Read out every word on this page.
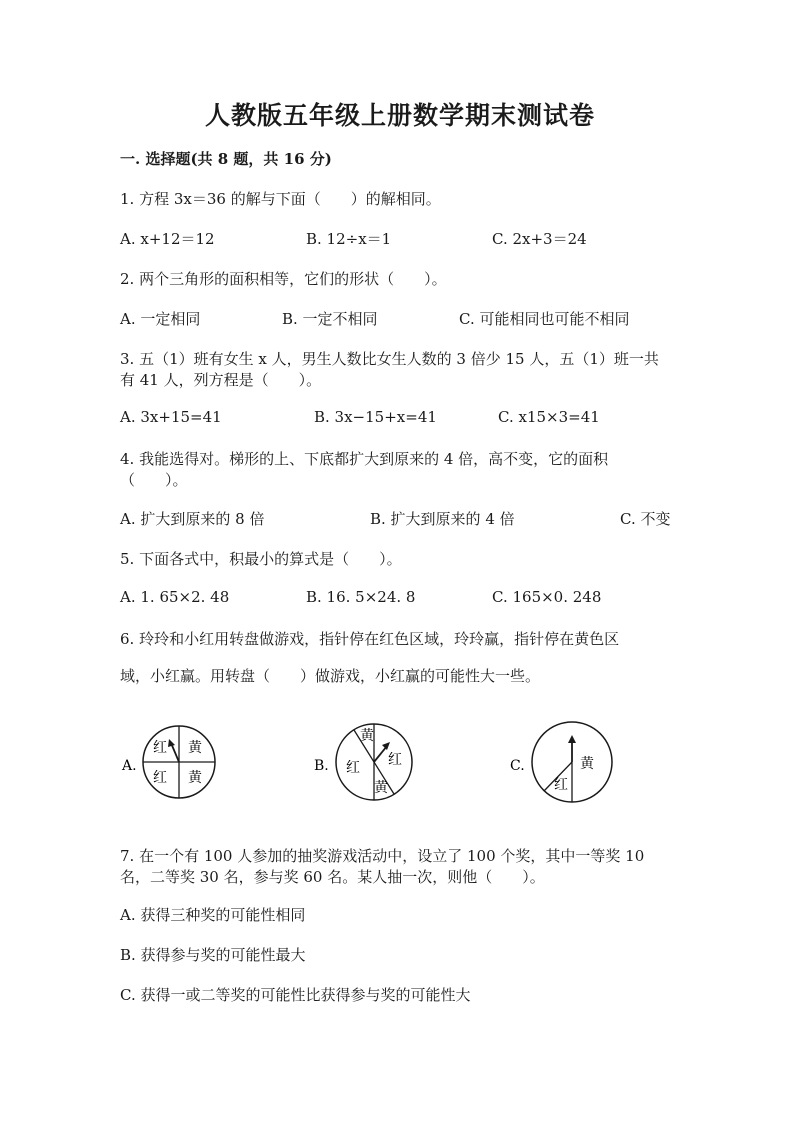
人教版五年级上册数学期末测试卷
一. 选择题(共 8 题，共 16 分)
1. 方程 3x＝36 的解与下面（　　）的解相同。
A. x+12＝12	B. 12÷x＝1	C. 2x+3＝24
2. 两个三角形的面积相等，它们的形状（　　）。
A. 一定相同	B. 一定不相同	C. 可能相同也可能不相同
3. 五（1）班有女生 x 人，男生人数比女生人数的 3 倍少 15 人，五（1）班一共
有 41 人，列方程是（　　）。
A. 3x+15=41	B. 3x−15+x=41	C. x15×3=41
4. 我能选得对。梯形的上、下底都扩大到原来的 4 倍，高不变，它的面积
（　　）。
A. 扩大到原来的 8 倍	B. 扩大到原来的 4 倍	C. 不变
5. 下面各式中，积最小的算式是（　　）。
A. 1. 65×2. 48	B. 16. 5×24. 8	C. 165×0. 248
6. 玲玲和小红用转盘做游戏，指针停在红色区域，玲玲赢，指针停在黄色区
域，小红赢。用转盘（　　）做游戏，小红赢的可能性大一些。
A.
红 黄
红 黄
B.
黄
红 红
黄
C.	黄
红
7. 在一个有 100 人参加的抽奖游戏活动中，设立了 100 个奖，其中一等奖 10
名，二等奖 30 名，参与奖 60 名。某人抽一次，则他（　　）。
A. 获得三种奖的可能性相同
B. 获得参与奖的可能性最大
C. 获得一或二等奖的可能性比获得参与奖的可能性大
